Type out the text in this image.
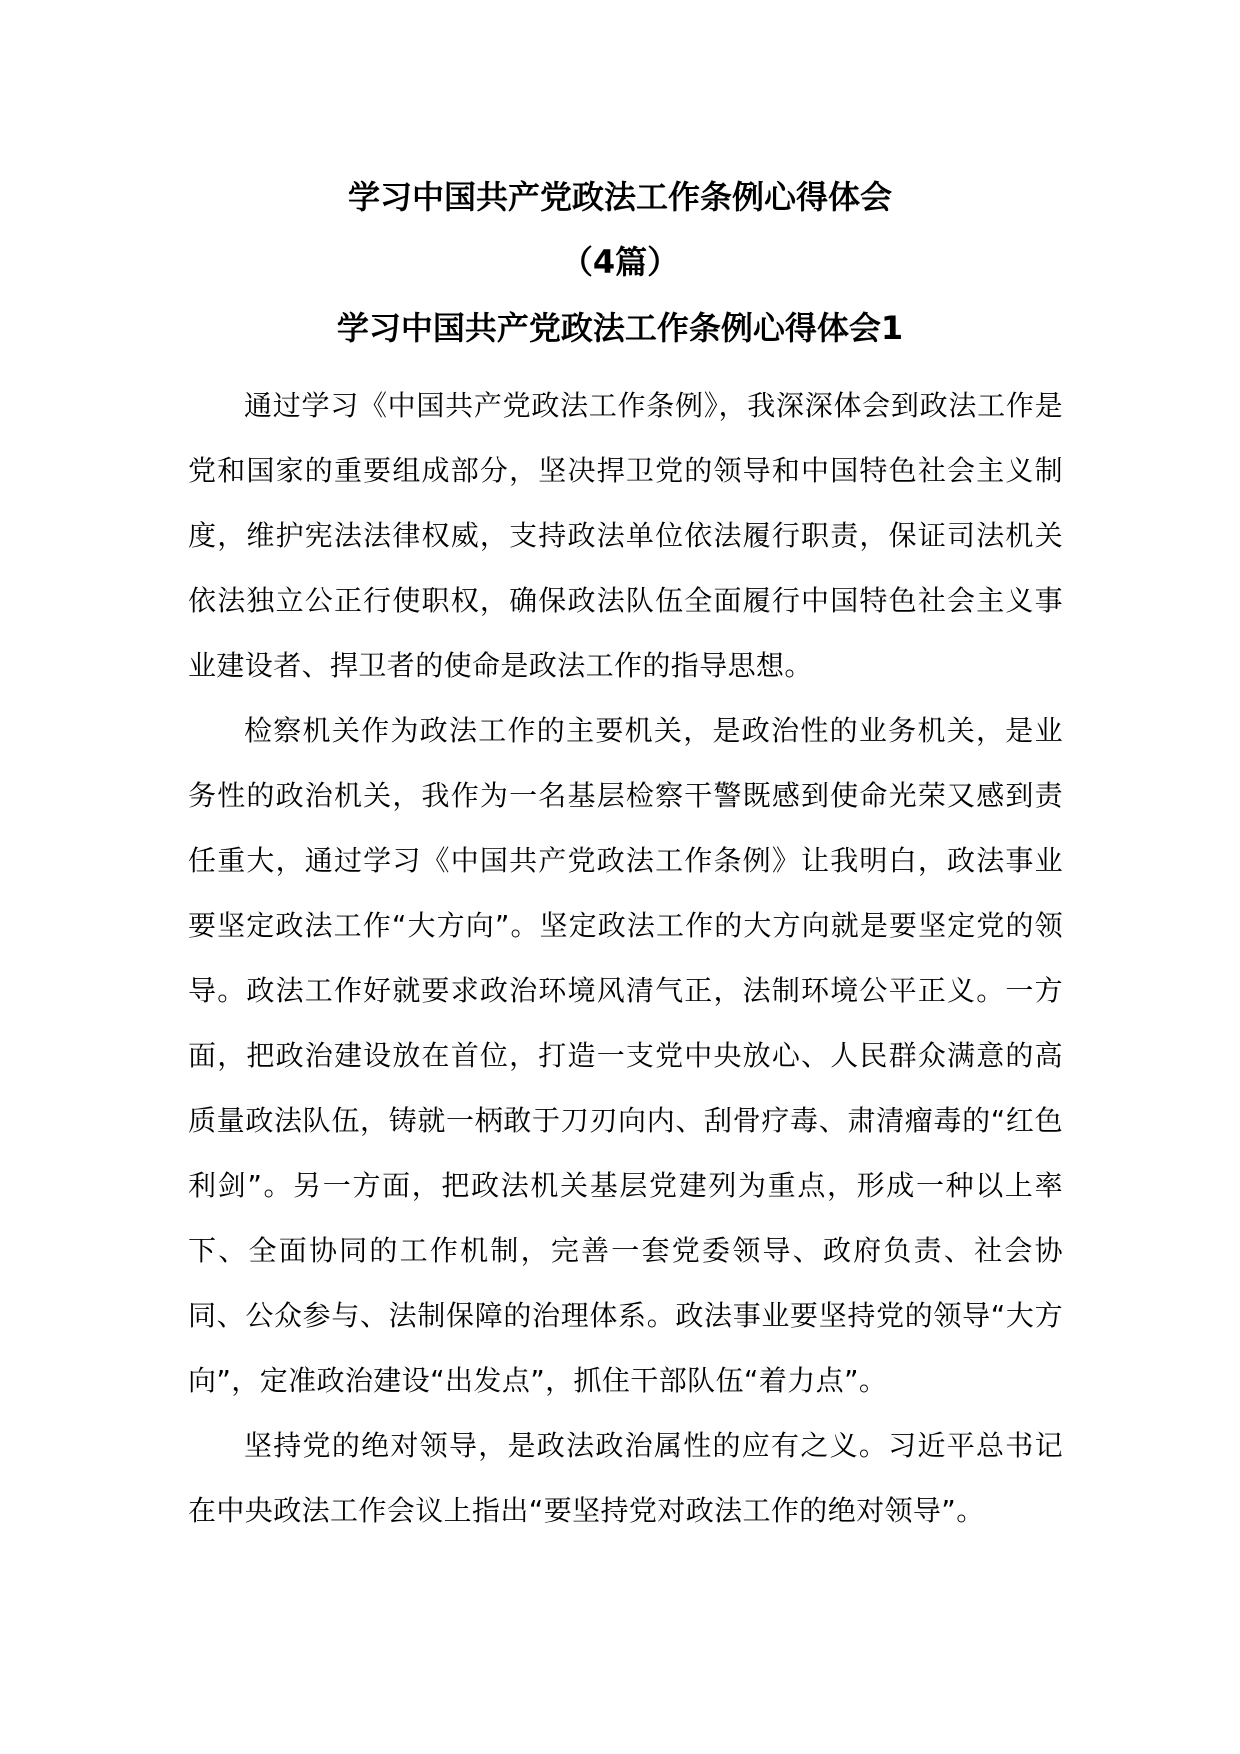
学习中国共产党政法工作条例心得体会
（4篇）
学习中国共产党政法工作条例心得体会1

通过学习《中国共产党政法工作条例》，我深深体会到政法工作是党和国家的重要组成部分，坚决捍卫党的领导和中国特色社会主义制度，维护宪法法律权威，支持政法单位依法履行职责，保证司法机关依法独立公正行使职权，确保政法队伍全面履行中国特色社会主义事业建设者、捍卫者的使命是政法工作的指导思想。

检察机关作为政法工作的主要机关，是政治性的业务机关，是业务性的政治机关，我作为一名基层检察干警既感到使命光荣又感到责任重大，通过学习《中国共产党政法工作条例》让我明白，政法事业要坚定政法工作“大方向”。坚定政法工作的大方向就是要坚定党的领导。政法工作好就要求政治环境风清气正，法制环境公平正义。一方面，把政治建设放在首位，打造一支党中央放心、人民群众满意的高质量政法队伍，铸就一柄敢于刀刃向内、刮骨疗毒、肃清瘤毒的“红色利剑”。另一方面，把政法机关基层党建列为重点，形成一种以上率下、全面协同的工作机制，完善一套党委领导、政府负责、社会协同、公众参与、法制保障的治理体系。政法事业要坚持党的领导“大方向”，定准政治建设“出发点”，抓住干部队伍“着力点”。

坚持党的绝对领导，是政法政治属性的应有之义。习近平总书记在中央政法工作会议上指出“要坚持党对政法工作的绝对领导”。
